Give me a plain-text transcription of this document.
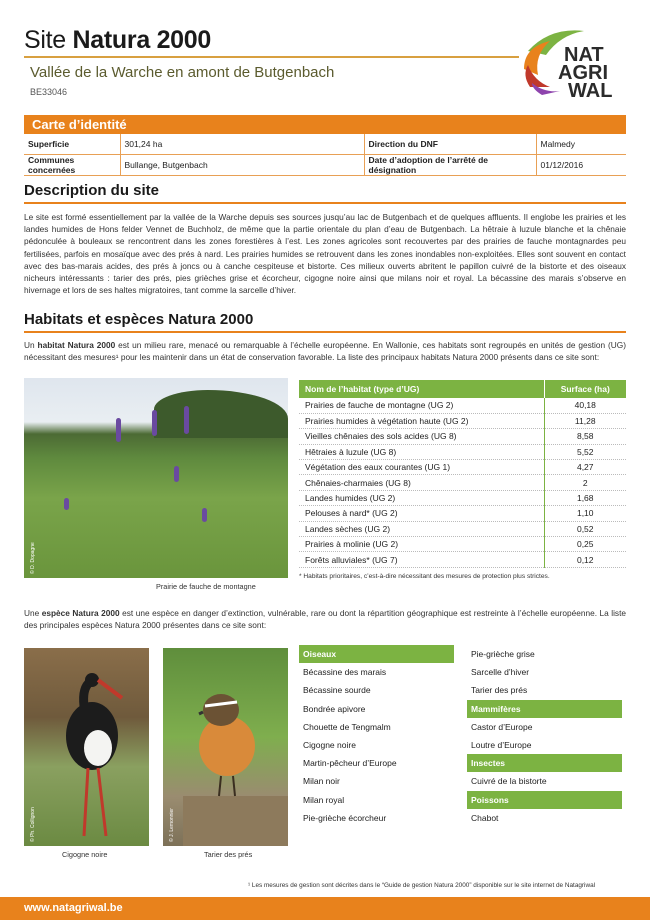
Site Natura 2000
Vallée de la Warche en amont de Butgenbach
BE33046
NAT
AGRI
WAL
Carte d’identité
Superficie	301,24 ha	Direction du DNF	Malmedy
Communes concernées	Bullange, Butgenbach	Date d’adoption de l’arrêté de désignation	01/12/2016
Description du site
Le site est formé essentiellement par la vallée de la Warche depuis ses sources jusqu’au lac de Butgenbach et de quelques affluents. Il englobe les prairies et les landes humides de Hons felder Vennet de Buchholz, de même que la partie orientale du plan d’eau de Butgenbach. La hêtraie à luzule blanche et la chênaie pédonculée à bouleaux se rencontrent dans les zones forestières à l’est. Les zones agricoles sont recouvertes par des prairies de fauche montagnardes peu fertilisées, parfois en mosaïque avec des prés à nard. Les prairies humides se retrouvent dans les zones inondables non-exploitées. Elles sont souvent en contact avec des bas-marais acides, des prés à joncs ou à canche cespiteuse et bistorte. Ces milieux ouverts abritent le papillon cuivré de la bistorte et des oiseaux nicheurs intéressants : tarier des prés, pies grièches grise et écorcheur, cigogne noire ainsi que milans noir et royal. La bécassine des marais s’observe en hivernage et lors de ses haltes migratoires, tant comme la sarcelle d’hiver.
Habitats et espèces Natura 2000
Un habitat Natura 2000 est un milieu rare, menacé ou remarquable à l’échelle européenne. En Wallonie, ces habitats sont regroupés en unités de gestion (UG) nécessitant des mesures¹ pour les maintenir dans un état de conservation favorable. La liste des principaux habitats Natura 2000 présents dans ce site sont:
© D. Dopagne
Prairie de fauche de montagne
Nom de l’habitat (type d’UG)	Surface (ha)
Prairies de fauche de montagne (UG 2)	40,18
Prairies humides à végétation haute (UG 2)	11,28
Vieilles chênaies des sols acides (UG 8)	8,58
Hêtraies à luzule (UG 8)	5,52
Végétation des eaux courantes (UG 1)	4,27
Chênaies-charmaies (UG 8)	2
Landes humides (UG 2)	1,68
Pelouses à nard* (UG 2)	1,10
Landes sèches (UG 2)	0,52
Prairies à molinie (UG 2)	0,25
Forêts alluviales* (UG 7)	0,12
* Habitats prioritaires, c’est-à-dire nécessitant des mesures de protection plus strictes.
Une espèce Natura 2000 est une espèce en danger d’extinction, vulnérable, rare ou dont la répartition géographique est restreinte à l’échelle européenne. La liste des principales espèces Natura 2000 présentes dans ce site sont:
© Ph. Collignon
Cigogne noire
© J. Lemonnier
Tarier des prés
Oiseaux
Bécassine des marais
Bécassine sourde
Bondrée apivore
Chouette de Tengmalm
Cigogne noire
Martin-pêcheur d’Europe
Milan noir
Milan royal
Pie-grièche écorcheur
Pie-grièche grise
Sarcelle d’hiver
Tarier des prés
Mammifères
Castor d’Europe
Loutre d’Europe
Insectes
Cuivré de la bistorte
Poissons
Chabot
¹ Les mesures de gestion sont décrites dans le “Guide de gestion Natura 2000” disponible sur le site internet de Natagriwal
www.natagriwal.be
